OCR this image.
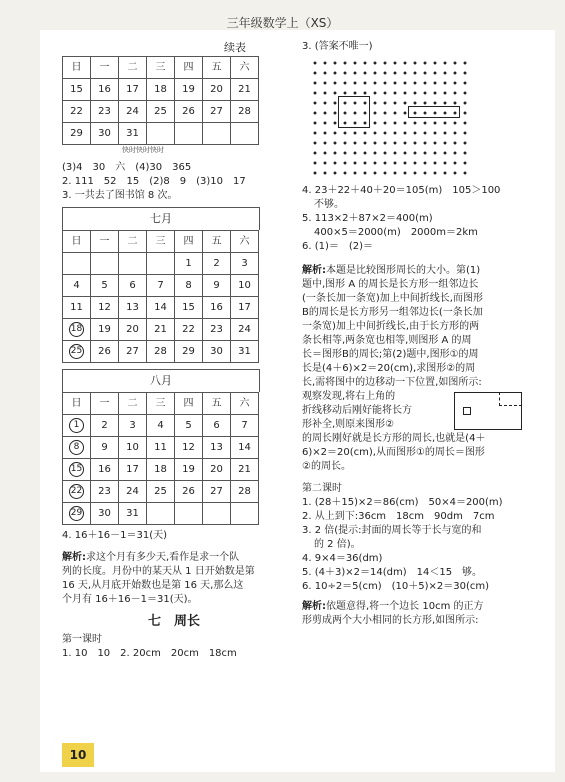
三年级数学上（XS）
续表
日	一	二	三	四	五	六
15	16	17	18	19	20	21
22	23	24	25	26	27	28
29	30	31				
快时快时快时
(3)4　30　六　(4)30　365
2. 111　52　15　(2)8　9　(3)10　17
3. 一共去了图书馆 8 次。
七月
日	一	二	三	四	五	六
				1	2	3
4	5	6	7	8	9	10
11	12	13	14	15	16	17
18	19	20	21	22	23	24
25	26	27	28	29	30	31
八月
日	一	二	三	四	五	六
1	2	3	4	5	6	7
8	9	10	11	12	13	14
15	16	17	18	19	20	21
22	23	24	25	26	27	28
29	30	31				
4. 16＋16－1＝31(天)
解析:求这个月有多少天,看作是求一个队
列的长度。月份中的某天从 1 日开始数是第
16 天,从月底开始数也是第 16 天,那么这
个月有 16＋16－1＝31(天)。
七　周长
第一课时
1. 10　10　2. 20cm　20cm　18cm
3. (答案不唯一)
4. 23＋22＋40＋20＝105(m)　105＞100
不够。
5. 113×2＋87×2＝400(m)
400×5＝2000(m)　2000m＝2km
6. (1)＝　(2)＝
解析:本题是比较图形周长的大小。第(1)
题中,图形 A 的周长是长方形一组邻边长
(一条长加一条宽)加上中间折线长,而图形
B的周长是长方形另一组邻边长(一条长加
一条宽)加上中间折线长,由于长方形的两
条长相等,两条宽也相等,则图形 A 的周
长＝图形B的周长;第(2)题中,图形①的周
长是(4＋6)×2＝20(cm),求图形②的周
长,需将图中的边移动一下位置,如图所示:
观察发现,将右上角的
折线移动后刚好能将长方
形补全,则原来图形②
的周长刚好就是长方形的周长,也就是(4＋
6)×2＝20(cm),从而图形①的周长＝图形
②的周长。
第二课时
1. (28＋15)×2＝86(cm)　50×4＝200(m)
2. 从上到下:36cm　18cm　90dm　7cm
3. 2 倍(提示:封面的周长等于长与宽的和
的 2 倍)。
4. 9×4＝36(dm)
5. (4＋3)×2＝14(dm)　14＜15　够。
6. 10÷2＝5(cm)　(10＋5)×2＝30(cm)
解析:依题意得,将一个边长 10cm 的正方
形剪成两个大小相同的长方形,如图所示:
10
